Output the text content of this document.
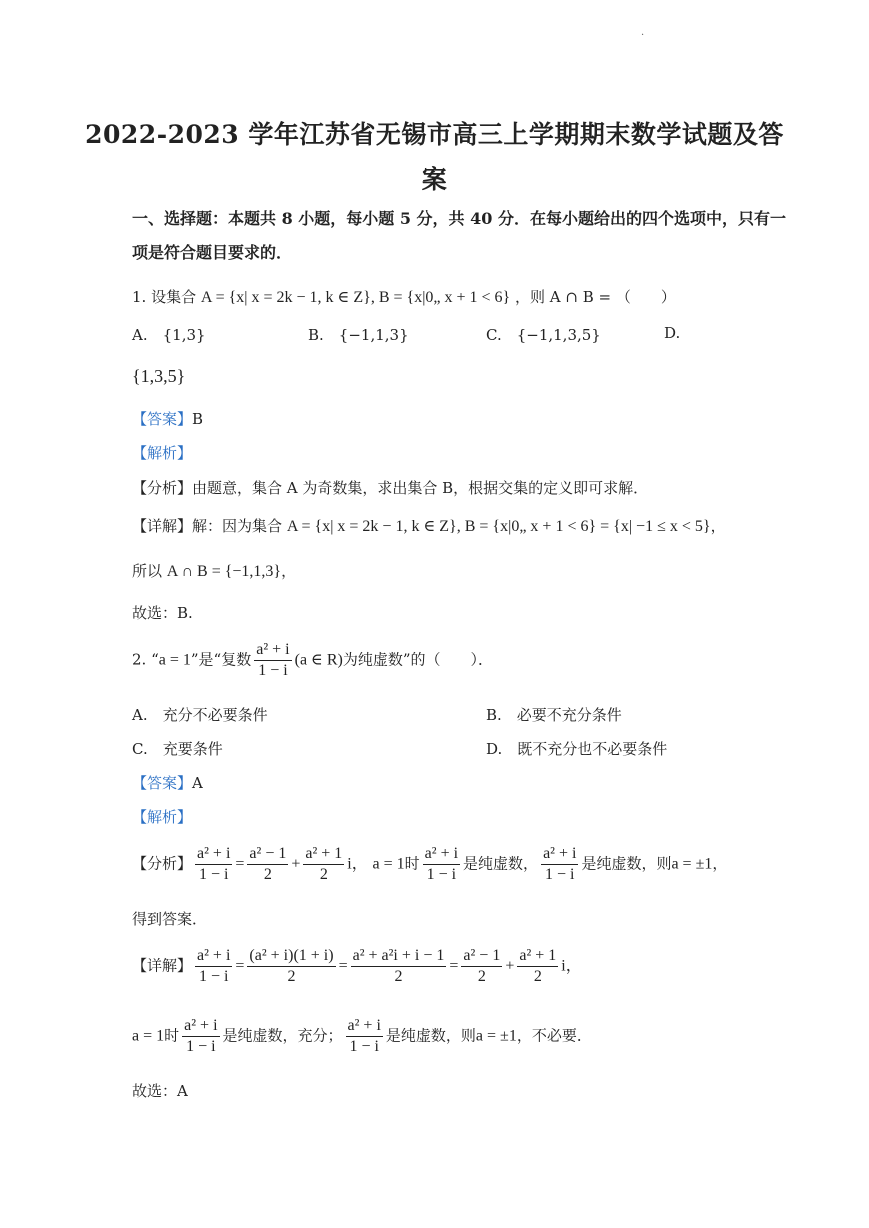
·
2022-2023 学年江苏省无锡市高三上学期期末数学试题及答
案
一、选择题：本题共 8 小题，每小题 5 分，共 40 分．在每小题给出的四个选项中，只有一
项是符合题目要求的．
1. 设集合 A = {x| x = 2k − 1, k ∈ Z}, B = {x|0„ x + 1 < 6} ，则 A ∩ B = （　　）
A.　{1,3}	B.　{−1,1,3}	C.　{−1,1,3,5}	D.
{1,3,5}
【答案】B
【解析】
【分析】由题意，集合 A 为奇数集，求出集合 B，根据交集的定义即可求解．
【详解】解：因为集合 A = {x| x = 2k − 1, k ∈ Z}, B = {x|0„ x + 1 < 6} = {x| −1 ≤ x < 5}，
所以 A ∩ B = {−1,1,3}，
故选：B.
2. “a = 1”是“复数 $\frac{\text{a² + i}}{1 - i} (a$ ∈ R)为纯虚数”的（　　）．
A.　充分不必要条件	B.　必要不充分条件
C.　充要条件	D.　既不充分也不必要条件
【答案】A
【解析】
【分析】 $\frac{\text{a² + i}}{1 - i} = \frac{\text{a² − 1}}{2} + \frac{\text{a² + 1}}{2}$ i， a = 1时 $\frac{\text{a² + i}}{1 - i}$ 是纯虚数， $\frac{\text{a² + i}}{1 - i}$ 是纯虚数，则a = ±1，
得到答案．
【详解】 $\frac{\text{a² + i}}{1 - i} = \frac{\text{(a² + i)(1 + i)}}{2} = \frac{\text{a² + a²i + i − 1}}{2} = \frac{\text{a² − 1}}{2} + \frac{\text{a² + 1}}{2}$ i，
a = 1时 $\frac{\text{a² + i}}{1 - i}$ 是纯虚数，充分； $\frac{\text{a² + i}}{1 - i}$ 是纯虚数，则a = ±1，不必要．
故选：A
